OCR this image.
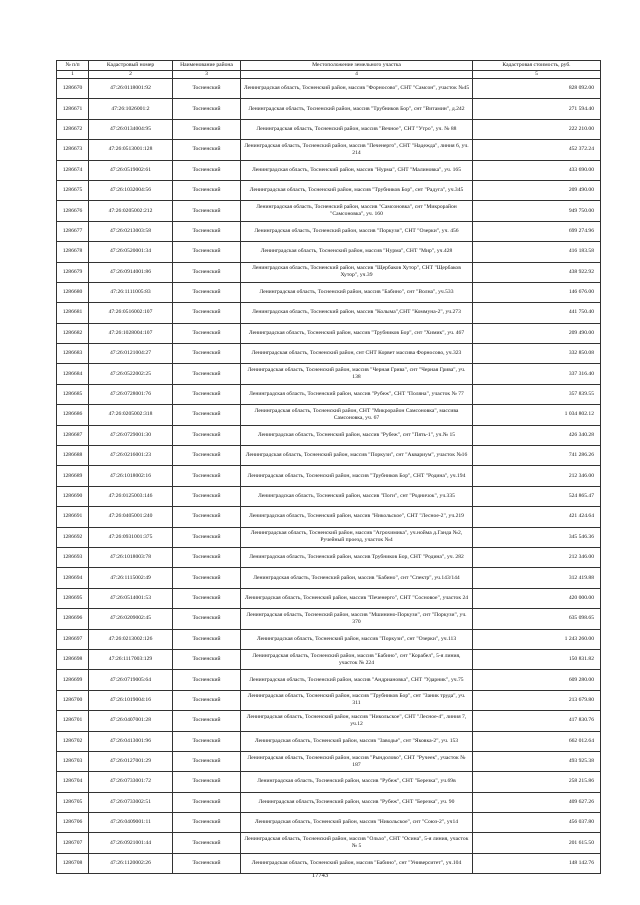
№ п/п	Кадастровый номер	Наименование района	Местоположение земельного участка	Кадастровая стоимость, руб.
1	2	3	4	5
1286670	47:26:0118001:92	Тосненский	Ленинградская область, Тосненский район, массив "Форносово", СНТ "Самсон", участок №45	828 092.00
1286671	47:26:1026001:2	Тосненский	Ленинградская область, Тосненский район, массив "Трубников Бор", снт "Витамин", д.242	271 594.40
1286672	47:26:0134004:95	Тосненский	Ленинградская область, Тосненский район, массив "Вечное", СНТ "Утро", уч. № 88	222 210.00
1286673	47:26:0513001:128	Тосненский	Ленинградская область, Тосненский район, массив "Печенерго", СНТ "Надежда", линия 6, уч. 214	452 372.24
1286674	47:26:0519002:61	Тосненский	Ленинградская область, Тосненский район, массив "Нурма", СНТ "Малиновка", уч. 165	433 690.00
1286675	47:26:1032004:56	Тосненский	Ленинградская область, Тосненский район, массив "Трубников Бор", снт "Радуга", уч.345	209 490.00
1286676	47:26:0205002:212	Тосненский	Ленинградская область, Тосненский район, массив "Самсоновка", снт "Микрорайон "Самсоновка", уч. 160	949 750.00
1286677	47:26:0213003:58	Тосненский	Ленинградская область, Тосненский район, массив "Поркузи", СНТ "Озерки", уч. 456	699 274.96
1286678	47:26:0520001:34	Тосненский	Ленинградская область, Тосненский район, массив "Нурма", СНТ "Мир", уч.428	416 183.58
1286679	47:26:0914001:86	Тосненский	Ленинградская область, Тосненский район, массив "Щербаков Хутор", СНТ "Щербаков Хутор", уч.39	438 922.92
1286680	47:26:1111005:83	Тосненский	Ленинградская область, Тосненский район, массив "Бабино", снт "Волна", уч.533	146 676.00
1286681	47:26:0516002:107	Тосненский	Ленинградская область, Тосненский район, массив "Колыма",СНТ "Коммуна-2", уч.273	441 750.40
1286682	47:26:1028004:107	Тосненский	Ленинградская область, Тосненский район, массив "Трубников Бор", снт "Химик", уч. 467	209 490.00
1286683	47:26:0121004:27	Тосненский	Ленинградская область, Тосненский район, снт СНТ Корвет массива Форносово, уч.323	332 850.08
1286684	47:26:0522002:25	Тосненский	Ленинградская область, Тосненский район, массив "Черная Грива", снт "Черная Грива", уч. 138	337 316.40
1286685	47:26:0728001:76	Тосненский	Ленинградская область, Тосненский район, массив "Рубеж", СНТ "Поляна", участок № 77	357 839.55
1286686	47:26:0205002:318	Тосненский	Ленинградская область, Тосненский район, СНТ "Микрорайон Самсоновка", массива Самсоновка, уч. 67	1 034 802.12
1286687	47:26:0729001:30	Тосненский	Ленинградская область, Тосненский район, массив "Рубеж", снт "Пять-1", уч.№ 15	426 340.28
1286688	47:26:0216001:23	Тосненский	Ленинградская область, Тосненский район, массив "Поркузи", снт "Аквариум", участок №16	741 286.26
1286689	47:26:1018002:16	Тосненский	Ленинградская область, Тосненский район, массив "Трубников Бор", СНТ "Родина", уч.194	212 346.00
1286690	47:26:0125003:146	Тосненский	Ленинградская область, Тосненский район, массив "Поги", снт "Родничок", уч.335	524 865.47
1286691	47:26:0405001:240	Тосненский	Ленинградская область, Тосненский район, массив "Никольское", СНТ "Лесное-2", уч.219	421 424.64
1286692	47:26:0931001:375	Тосненский	Ленинградская область, Тосненский район, массив "Агрохимика", уч.нойма д.Ганда №2, Ручейный проезд, участок №4	345 546.36
1286693	47:26:1018003:78	Тосненский	Ленинградская область, Тосненский район, массив Трубников Бор, СНТ "Родина", уч. 282	212 346.00
1286694	47:26:1115002:49	Тосненский	Ленинградская область, Тосненский район, массив "Бабино", снт "Спектр", уч.143/144	312 419.88
1286695	47:26:0514001:53	Тосненский	Ленинградская область, Тосненский район, массив "Печенерго", СНТ "Сосновое", участок 24	420 000.00
1286696	47:26:0209002:45	Тосненский	Ленинградская область, Тосненский район, массив "Мшинино-Поркузи", снт "Поркузи", уч. 370	635 098.65
1286697	47:26:0213002:126	Тосненский	Ленинградская область, Тосненский район, массив "Поркузи", снт "Озерки", уч.113	1 243 260.00
1286698	47:26:1117003:129	Тосненский	Ленинградская область, Тосненский район, массив "Бабино", снт "Корабел", 5-я линия, участок № 224	150 831.82
1286699	47:26:0719005:64	Тосненский	Ленинградская область, Тосненский район, массив "Андриановка", СНТ "Ударник", уч.75	609 280.00
1286700	47:26:1019004:16	Тосненский	Ленинградская область, Тосненский район, массив "Трубников Бор", снт "Заник труда", уч. 311	213 679.80
1286701	47:26:0407001:28	Тосненский	Ленинградская область, Тосненский район, массив "Никольское", СНТ "Лесное-4", линия 7, уч.12	417 830.76
1286702	47:26:0413001:96	Тосненский	Ленинградская область, Тосненский район, массив "Заводье", снт "Яковка-2", уч. 153	662 012.64
1286703	47:26:0127001:29	Тосненский	Ленинградская область, Тосненский район, массив "Рындолово", СНТ "Ручеек", участок № 187	493 925.38
1286704	47:26:0733001:72	Тосненский	Ленинградская область, Тосненский район, массив "Рубеж", СНТ "Березка", уч.69в	258 215.86
1286705	47:26:0733002:51	Тосненский	Ленинградская область,Тосненский район, массив "Рубеж", СНТ "Березка", уч. 90	409 627.26
1286706	47:26:0409001:11	Тосненский	Ленинградская область, Тосненский район, массив "Никольское", снт "Союз-2", уч14	456 037.80
1286707	47:26:0921001:44	Тосненский	Ленинградская область, Тосненский район, массив "Ольхо", СНТ "Осина", 5-я линия, участок № 5	201 615.50
1286708	47:26:1120002:26	Тосненский	Ленинградская область, Тосненский район, массив "Бабино", снт "Университет", уч.104	148 142.76
17743
